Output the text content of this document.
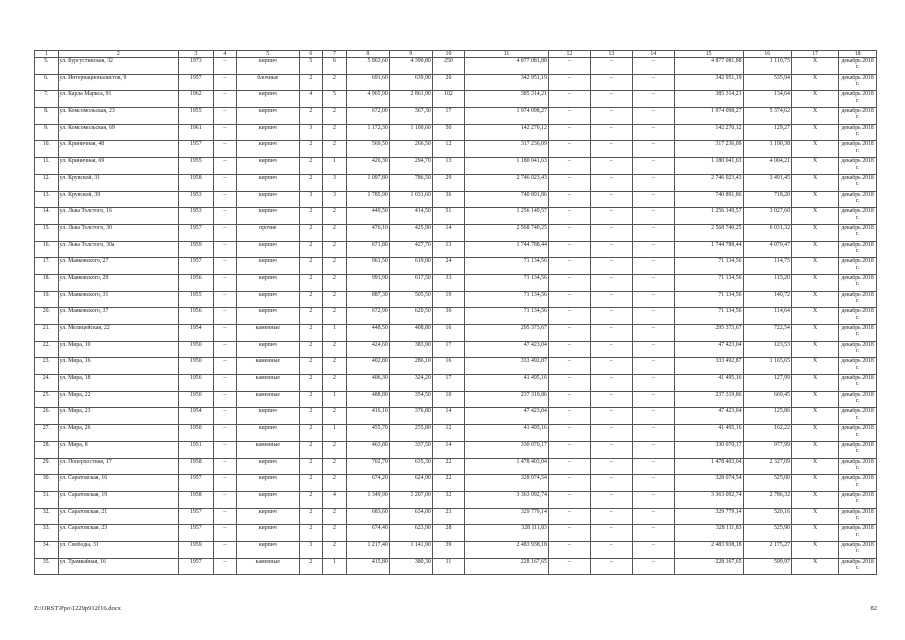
1	2	3	4	5	6	7	8	9	10	11	12	13	14	15	16	17	18
5.	ул. Бургустинская, 32	1973	–	кирпич	5	6	5 863,60	4 390,80	250	4 877 081,88	–	–	–	4 877 081,88	1 110,75	Х	декабрь 2018 г.
6.	ул. Интернационалистов, 9	1957	–	блочные	2	2	691,60	639,90	20	342 951,19	–	–	–	342 951,19	535,94	Х	декабрь 2018 г.
7.	ул. Карла Маркса, 91	1962	–	кирпич	4	5	4 965,90	2 861,90	102	385 314,21	–	–	–	385 314,21	134,64	Х	декабрь 2018 г.
8.	ул. Комсомольская, 23	1955	–	кирпич	2	2	672,00	367,30	17	1 974 098,27	–	–	–	1 974 098,27	5 374,62	Х	декабрь 2018 г.
9.	ул. Комсомольская, 69	1961	–	кирпич	3	2	1 172,30	1 100,60	50	142 270,12	–	–	–	142 270,12	129,27	Х	декабрь 2018 г.
10.	ул. Криничная, 48	1957	–	кирпич	2	2	569,50	266,50	12	317 236,09	–	–	–	317 236,09	1 190,38	Х	декабрь 2018 г.
11.	ул. Криничная, 69	1955	–	кирпич	2	1	426,30	294,70	13	1 180 041,63	–	–	–	1 180 041,63	4 004,21	Х	декабрь 2018 г.
12.	ул. Крувской, 31	1958	–	кирпич	2	3	1 097,80	786,50	29	2 746 023,43	–	–	–	2 746 023,43	3 491,45	Х	декабрь 2018 г.
13.	ул. Крувской, 39	1953	–	кирпич	3	3	1 785,90	1 031,60	36	740 891,86	–	–	–	740 891,86	718,20	Х	декабрь 2018 г.
14.	ул. Льва Толстого, 16	1953	–	кирпич	2	2	449,50	414,50	51	1 256 149,57	–	–	–	1 256 149,57	3 027,60	Х	декабрь 2018 г.
15.	ул. Льва Толстого, 30	1957	–	прочие	2	2	476,10	425,90	14	2 568 740,25	–	–	–	2 568 740,25	6 031,32	Х	декабрь 2018 г.
16.	ул. Льва Толстого, 30а	1959	–	кирпич	2	2	671,80	427,70	13	1 744 788,44	–	–	–	1 744 788,44	4 079,47	Х	декабрь 2018 г.
17.	ул. Маяковского, 27	1957	–	кирпич	2	2	961,50	619,90	24	71 134,56	–	–	–	71 134,56	114,75	Х	декабрь 2018 г.
18.	ул. Маяковского, 29	1956	–	кирпич	2	2	991,90	617,50	33	71 134,56	–	–	–	71 134,56	115,20	Х	декабрь 2018 г.
19.	ул. Маяковского, 31	1955	–	кирпич	2	2	887,30	505,50	19	71 134,56	–	–	–	71 134,56	140,72	Х	декабрь 2018 г.
20.	ул. Маяковского, 37	1956	–	кирпич	2	2	672,90	620,50	30	71 134,56	–	–	–	71 134,56	114,64	Х	декабрь 2018 г.
21.	ул. Мелицейская, 22	1954	–	каменные	2	1	448,50	408,80	16	295 373,67	–	–	–	295 373,67	722,54	Х	декабрь 2018 г.
22.	ул. Мира, 10	1950	–	кирпич	2	2	424,60	383,90	17	47 423,04	–	–	–	47 423,04	123,53	Х	декабрь 2018 г.
23.	ул. Мира, 16	1950	–	каменные	2	2	402,80	286,10	16	333 492,87	–	–	–	333 492,87	1 165,65	Х	декабрь 2018 г.
24.	ул. Мира, 18	1956	–	каменные	2	2	406,30	324,20	17	41 495,16	–	–	–	41 495,16	127,99	Х	декабрь 2018 г.
25.	ул. Мира, 22	1950	–	каменные	2	1	488,80	354,50	10	237 319,86	–	–	–	237 319,86	669,45	Х	декабрь 2018 г.
26.	ул. Мира, 23	1954	–	кирпич	2	2	416,10	376,80	14	47 423,04	–	–	–	47 423,04	125,86	Х	декабрь 2018 г.
27.	ул. Мира, 26	1950	–	кирпич	2	1	455,70	255,80	12	41 495,16	–	–	–	41 495,16	162,22	Х	декабрь 2018 г.
28.	ул. Мира, 8	1951	–	каменные	2	2	463,80	337,50	14	330 070,17	–	–	–	330 070,17	977,99	Х	декабрь 2018 г.
29.	ул. Поперхостная, 17	1958	–	кирпич	2	2	702,70	635,30	22	1 478 403,04	–	–	–	1 478 403,04	2 327,09	Х	декабрь 2018 г.
30.	ул. Саратовская, 16	1957	–	кирпич	2	2	674,20	624,90	22	328 074,54	–	–	–	328 074,54	525,00	Х	декабрь 2018 г.
31.	ул. Саратовская, 19	1958	–	кирпич	2	4	1 349,90	1 207,00	32	3 363 092,74	–	–	–	3 363 092,74	2 786,32	Х	декабрь 2018 г.
32.	ул. Саратовская, 21	1957	–	кирпич	2	2	683,60	634,00	23	329 779,14	–	–	–	329 779,14	520,16	Х	декабрь 2018 г.
33.	ул. Саратовская, 23	1957	–	кирпич	2	2	674,40	623,90	28	328 111,83	–	–	–	328 111,83	525,90	Х	декабрь 2018 г.
34.	ул. Свободы, 31	1959	–	кирпич	3	2	1 217,40	1 141,90	39	2 483 938,18	–	–	–	2 483 938,18	2 175,27	Х	декабрь 2018 г.
35.	ул. Трамвайная, 16	1957	–	каменные	2	1	415,80	380,30	11	228 167,65	–	–	–	228 167,65	599,97	Х	декабрь 2018 г.
Z:\ORST\Ppo\1229p912f16.docx	82
